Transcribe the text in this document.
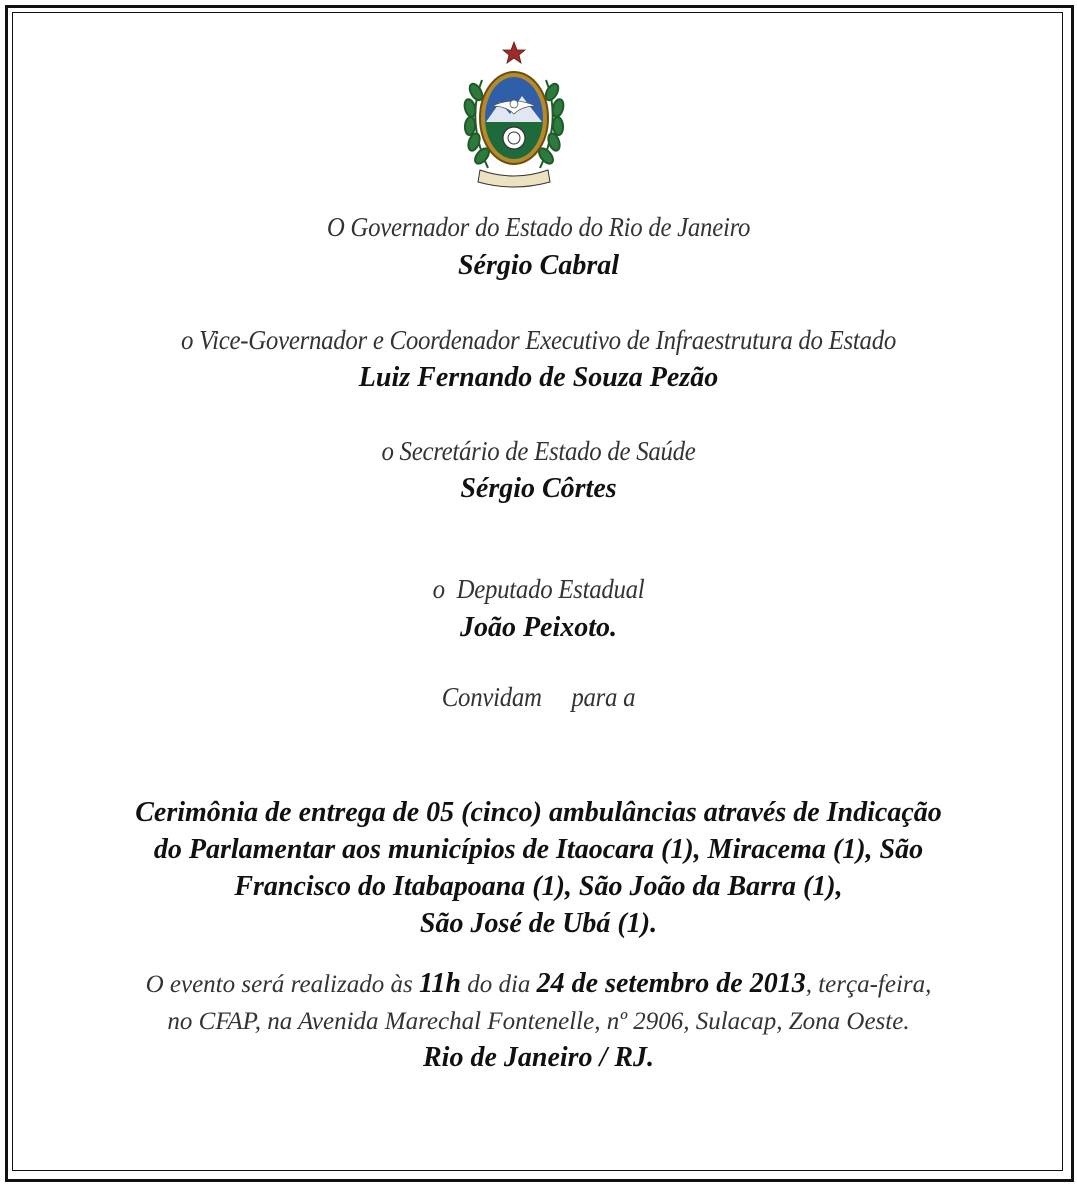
O Governador do Estado do Rio de Janeiro
Sérgio Cabral
o Vice-Governador e Coordenador Executivo de Infraestrutura do Estado
Luiz Fernando de Souza Pezão
o Secretário de Estado de Saúde
Sérgio Côrtes
o  Deputado Estadual
João Peixoto.
Convidam     para a
Cerimônia de entrega de 05 (cinco) ambulâncias através de Indicação
do Parlamentar aos municípios de Itaocara (1), Miracema (1), São
Francisco do Itabapoana (1), São João da Barra (1),
São José de Ubá (1).
O evento será realizado às 11h do dia 24 de setembro de 2013, terça-feira,
no CFAP, na Avenida Marechal Fontenelle, nº 2906, Sulacap, Zona Oeste.
Rio de Janeiro / RJ.
